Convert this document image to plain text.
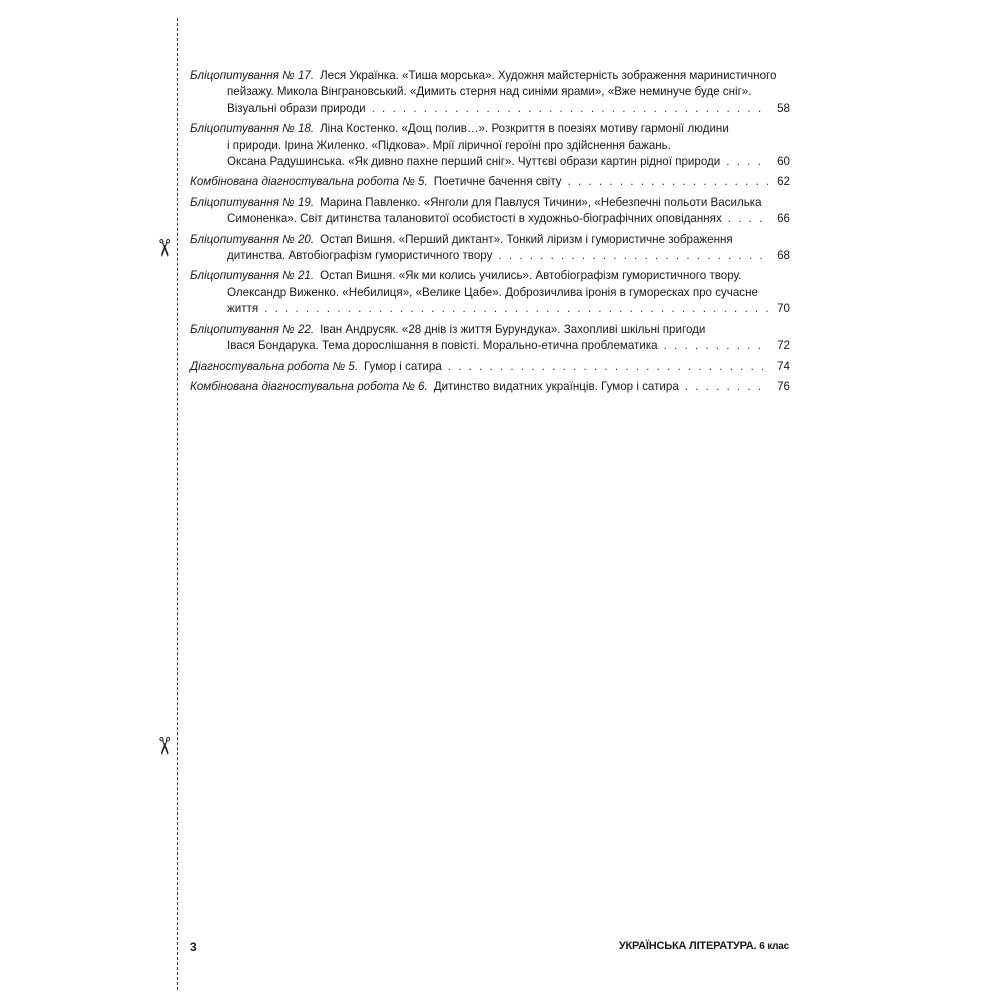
✂
✂
Бліцопитування № 17. Леся Українка. «Тиша морська». Художня майстерність зображення маринистичного
пейзажу. Микола Вінграновський. «Димить стерня над синіми ярами», «Вже неминуче буде сніг».
Візуальні образи природи . . .	58
Бліцопитування № 18. Ліна Костенко. «Дощ полив…». Розкриття в поезіях мотиву гармонії людини
і природи. Ірина Жиленко. «Підкова». Мрії ліричної героїні про здійснення бажань.
Оксана Радушинська. «Як дивно пахне перший сніг». Чуттєві образи картин рідної природи . . .	60
Комбінована діагностувальна робота № 5. Поетичне бачення світу . . .	62
Бліцопитування № 19. Марина Павленко. «Янголи для Павлуся Тичини», «Небезпечні польоти Василька
Симоненка». Світ дитинства талановитої особистості в художньо-біографічних оповіданнях . . .	66
Бліцопитування № 20. Остап Вишня. «Перший диктант». Тонкий ліризм і гумористичне зображення
дитинства. Автобіографізм гумористичного твору . . .	68
Бліцопитування № 21. Остап Вишня. «Як ми колись учились». Автобіографізм гумористичного твору.
Олександр Виженко. «Небилиця», «Велике Цабе». Доброзичлива іронія в гуморесках про сучасне
життя . . .	70
Бліцопитування № 22. Іван Андрусяк. «28 днів із життя Бурундука». Захопливі шкільні пригоди
Івася Бондарука. Тема дорослішання в повісті. Морально-етична проблематика . . .	72
Діагностувальна робота № 5. Гумор і сатира . . .	74
Комбінована діагностувальна робота № 6. Дитинство видатних українців. Гумор і сатира . . .	76
3	УКРАЇНСЬКА ЛІТЕРАТУРА. 6 клас
